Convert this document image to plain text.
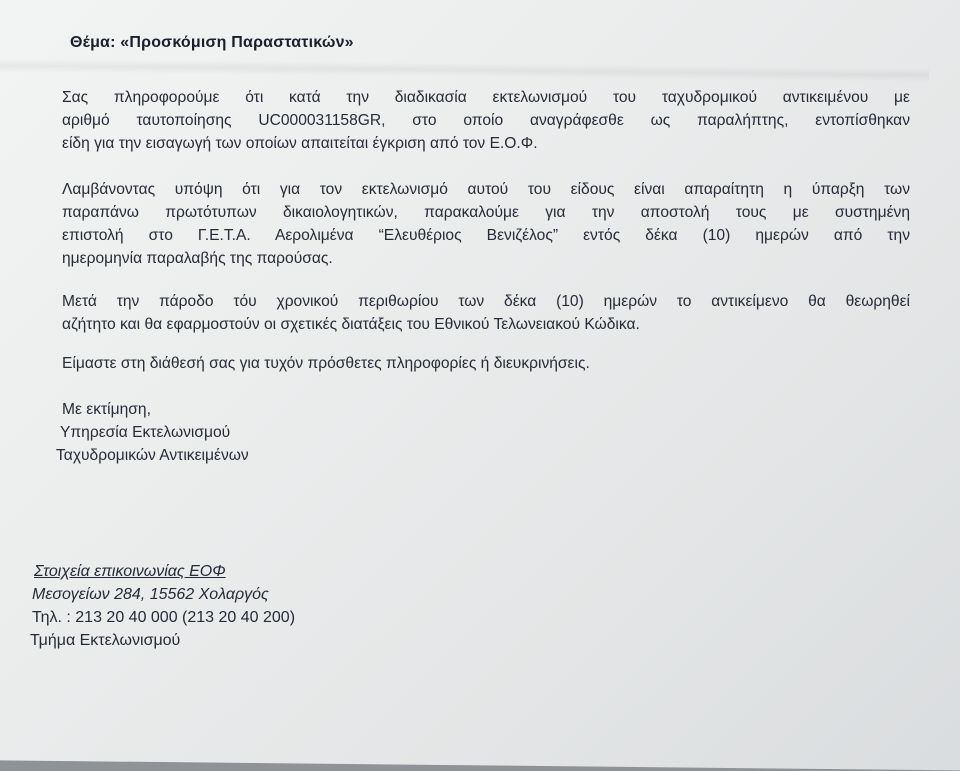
Θέμα: «Προσκόμιση Παραστατικών»
Σας πληροφορούμε ότι κατά την διαδικασία εκτελωνισμού του ταχυδρομικού αντικειμένου με
αριθμό ταυτοποίησης UC000031158GR, στο οποίο αναγράφεσθε ως παραλήπτης, εντοπίσθηκαν
είδη για την εισαγωγή των οποίων απαιτείται έγκριση από τον Ε.Ο.Φ.
Λαμβάνοντας υπόψη ότι για τον εκτελωνισμό αυτού του είδους είναι απαραίτητη η ύπαρξη των
παραπάνω πρωτότυπων δικαιολογητικών, παρακαλούμε για την αποστολή τους με συστημένη
επιστολή στο Γ.Ε.Τ.Α. Αερολιμένα “Ελευθέριος Βενιζέλος” εντός δέκα (10) ημερών από την
ημερομηνία παραλαβής της παρούσας.
Μετά την πάροδο τόυ χρονικού περιθωρίου των δέκα (10) ημερών το αντικείμενο θα θεωρηθεί
αζήτητο και θα εφαρμοστούν οι σχετικές διατάξεις του Εθνικού Τελωνειακού Κώδικα.
Είμαστε στη διάθεσή σας για τυχόν πρόσθετες πληροφορίες ή διευκρινήσεις.
Με εκτίμηση,
Υπηρεσία Εκτελωνισμού
Ταχυδρομικών Αντικειμένων
Στοιχεία επικοινωνίας ΕΟΦ
Μεσογείων 284, 15562 Χολαργός
Τηλ. : 213 20 40 000 (213 20 40 200)
Τμήμα Εκτελωνισμού
